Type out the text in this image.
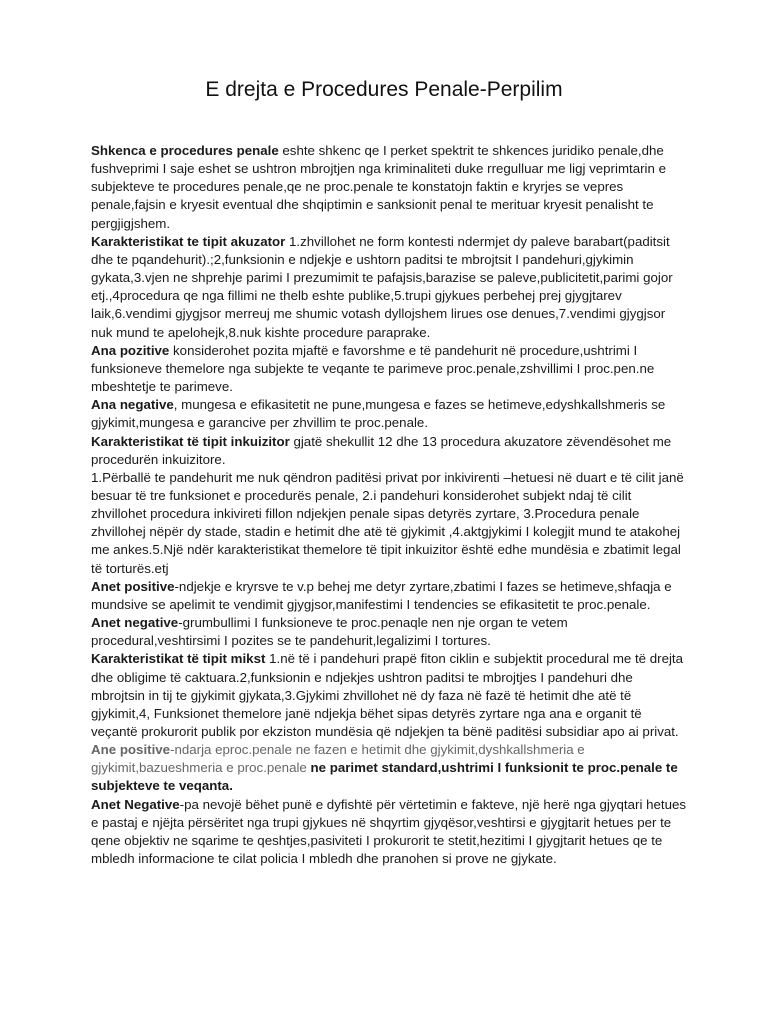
E drejta e Procedures Penale-Perpilim

Shkenca e procedures penale eshte shkenc qe I perket spektrit te shkences juridiko penale,dhe fushveprimi I saje eshet se ushtron mbrojtjen nga kriminaliteti duke rregulluar me ligj veprimtarin e subjekteve te procedures penale,qe ne proc.penale te konstatojn faktin e kryrjes se vepres penale,fajsin e kryesit eventual dhe shqiptimin e sanksionit penal te merituar kryesit penalisht te pergjigjshem.

Karakteristikat te tipit akuzator 1.zhvillohet ne form kontesti ndermjet dy paleve barabart(paditsit dhe te pqandehurit).;2,funksionin e ndjekje e ushtorn paditsi te mbrojtsit I pandehuri,gjykimin gykata,3.vjen ne shprehje parimi I prezumimit te pafajsis,barazise se paleve,publicitetit,parimi gojor etj.,4procedura qe nga fillimi ne thelb eshte publike,5.trupi gjykues perbehej prej gjygjtarev laik,6.vendimi gjygjsor merreuj me shumic votash dyllojshem lirues ose denues,7.vendimi gjygjsor nuk mund te apelohejk,8.nuk kishte procedure paraprake.

Ana pozitive konsiderohet pozita mjaftë e favorshme e të pandehurit në procedure,ushtrimi I funksioneve themelore nga subjekte te veqante te parimeve proc.penale,zshvillimi I proc.pen.ne mbeshtetje te parimeve.

Ana negative, mungesa e efikasitetit ne pune,mungesa e fazes se hetimeve,edyshkallshmeris se gjykimit,mungesa e garancive per zhvillim te proc.penale.

Karakteristikat të tipit inkuizitor gjatë shekullit 12 dhe 13 procedura akuzatore zëvendësohet me procedurën inkuizitore.

1.Përballë te pandehurit me nuk qëndron paditësi privat por inkivirenti –hetuesi në duart e të cilit janë besuar të tre funksionet e procedurës penale, 2.i pandehuri konsiderohet subjekt ndaj të cilit zhvillohet procedura inkivireti fillon ndjekjen penale sipas detyrës zyrtare, 3.Procedura penale zhvillohej nëpër dy stade, stadin e hetimit dhe atë të gjykimit ,4.aktgjykimi I kolegjit mund te atakohej me ankes.5.Një ndër karakteristikat themelore të tipit inkuizitor është edhe mundësia e zbatimit legal të torturës.etj

Anet positive-ndjekje e kryrsve te v.p behej me detyr zyrtare,zbatimi I fazes se hetimeve,shfaqja e mundsive se apelimit te vendimit gjygjsor,manifestimi I tendencies se efikasitetit te proc.penale.

Anet negative-grumbullimi I funksioneve te proc.penaqle nen nje organ te vetem procedural,veshtirsimi I pozites se te pandehurit,legalizimi I tortures.

Karakteristikat të tipit mikst 1.në të i pandehuri prapë fiton ciklin e subjektit procedural me të drejta dhe obligime të caktuara.2,funksionin e ndjekjes ushtron paditsi te mbrojtjes I pandehuri dhe mbrojtsin in tij te gjykimit gjykata,3.Gjykimi zhvillohet në dy faza në fazë të hetimit dhe atë të gjykimit,4, Funksionet themelore janë ndjekja bëhet sipas detyrës zyrtare nga ana e organit të veçantë prokurorit publik por ekziston mundësia që ndjekjen ta bënë paditësi subsidiar apo ai privat.

Ane positive-ndarja eproc.penale ne fazen e hetimit dhe gjykimit,dyshkallshmeria e gjykimit,bazueshmeria e proc.penale ne parimet standard,ushtrimi I funksionit te proc.penale te subjekteve te veqanta.

Anet Negative-pa nevojë bëhet punë e dyfishtë për vërtetimin e fakteve, një herë nga gjyqtari hetues e pastaj e njëjta përsëritet nga trupi gjykues në shqyrtim gjyqësor,veshtirsi e gjygjtarit hetues per te qene objektiv ne sqarime te qeshtjes,pasiviteti I prokurorit te stetit,hezitimi I gjygjtarit hetues qe te mbledh informacione te cilat policia I mbledh dhe pranohen si prove ne gjykate.
